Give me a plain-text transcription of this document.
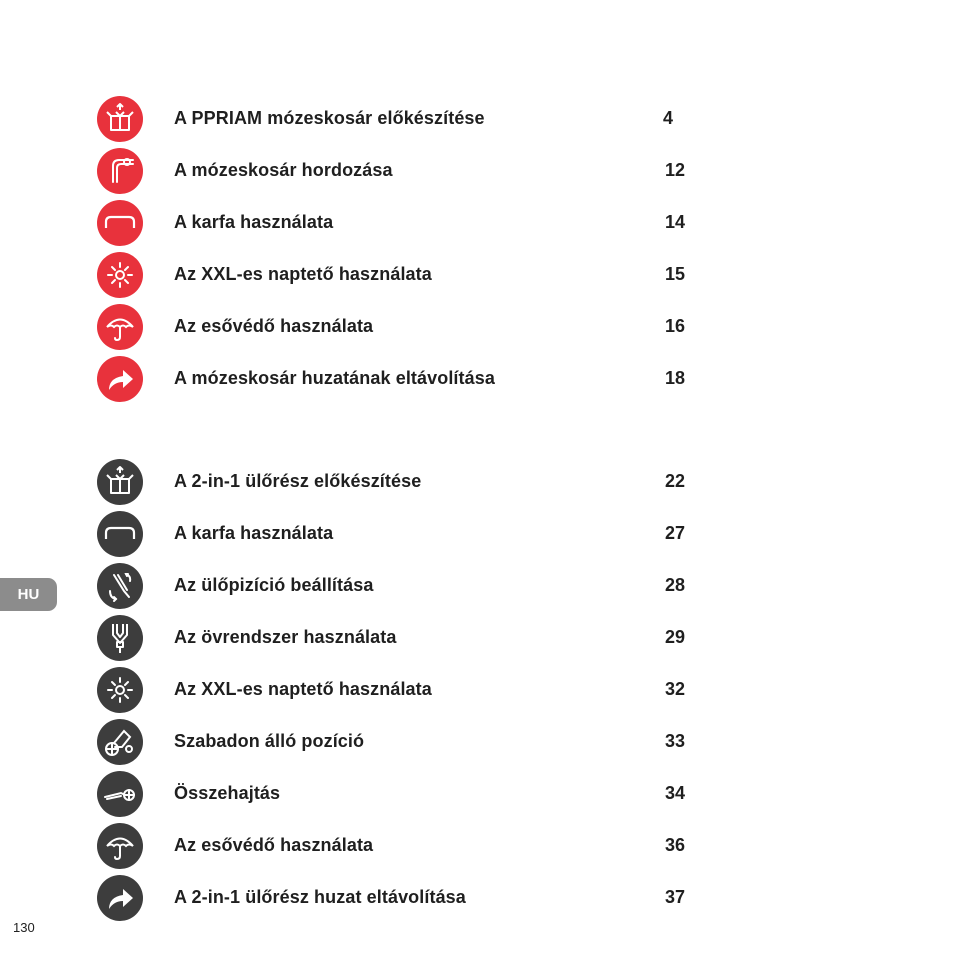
A PPRIAM mózeskosár előkészítése	4
A mózeskosár hordozása	12
A karfa használata	14
Az XXL-es naptető használata	15
Az esővédő használata	16
A mózeskosár huzatának eltávolítása	18
A 2-in-1 ülőrész előkészítése	22
A karfa használata	27
Az ülőpizíció beállítása	28
Az övrendszer használata	29
Az XXL-es naptető használata	32
Szabadon álló pozíció	33
Összehajtás	34
Az esővédő használata	36
A 2-in-1 ülőrész huzat eltávolítása	37
HU
130
